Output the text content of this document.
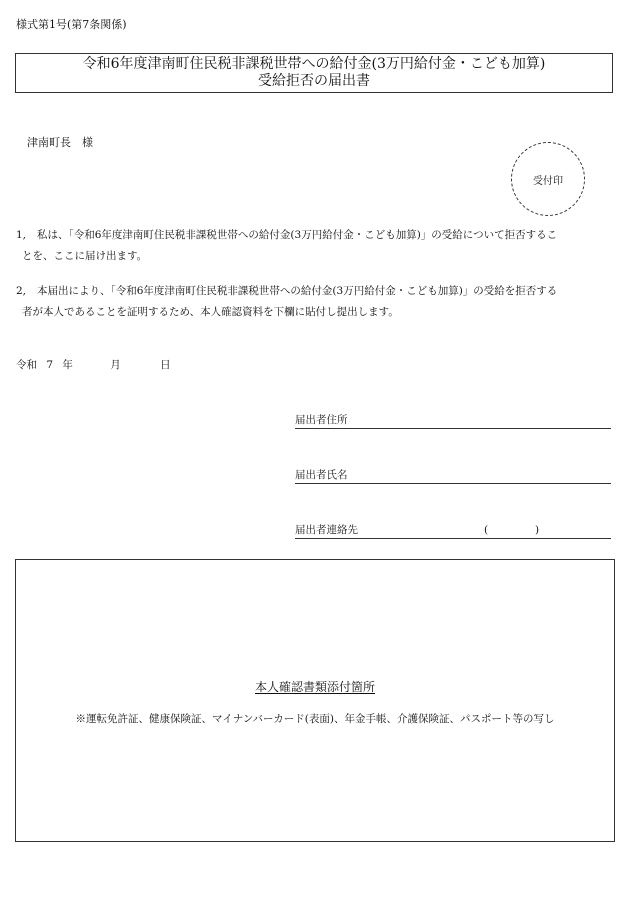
様式第1号(第7条関係)
令和6年度津南町住民税非課税世帯への給付金(3万円給付金・こども加算)
受給拒否の届出書
津南町長　様
受付印
1, 私は、「令和6年度津南町住民税非課税世帯への給付金(3万円給付金・こども加算)」の受給について拒否するこ
とを、ここに届け出ます。
2, 本届出により、「令和6年度津南町住民税非課税世帯への給付金(3万円給付金・こども加算)」の受給を拒否する
者が本人であることを証明するため、本人確認資料を下欄に貼付し提出します。
令和 7 年	月	日
届出者住所
届出者氏名
届出者連絡先	(	)
本人確認書類添付箇所
※運転免許証、健康保険証、マイナンバーカード(表面)、年金手帳、介護保険証、パスポート等の写し
